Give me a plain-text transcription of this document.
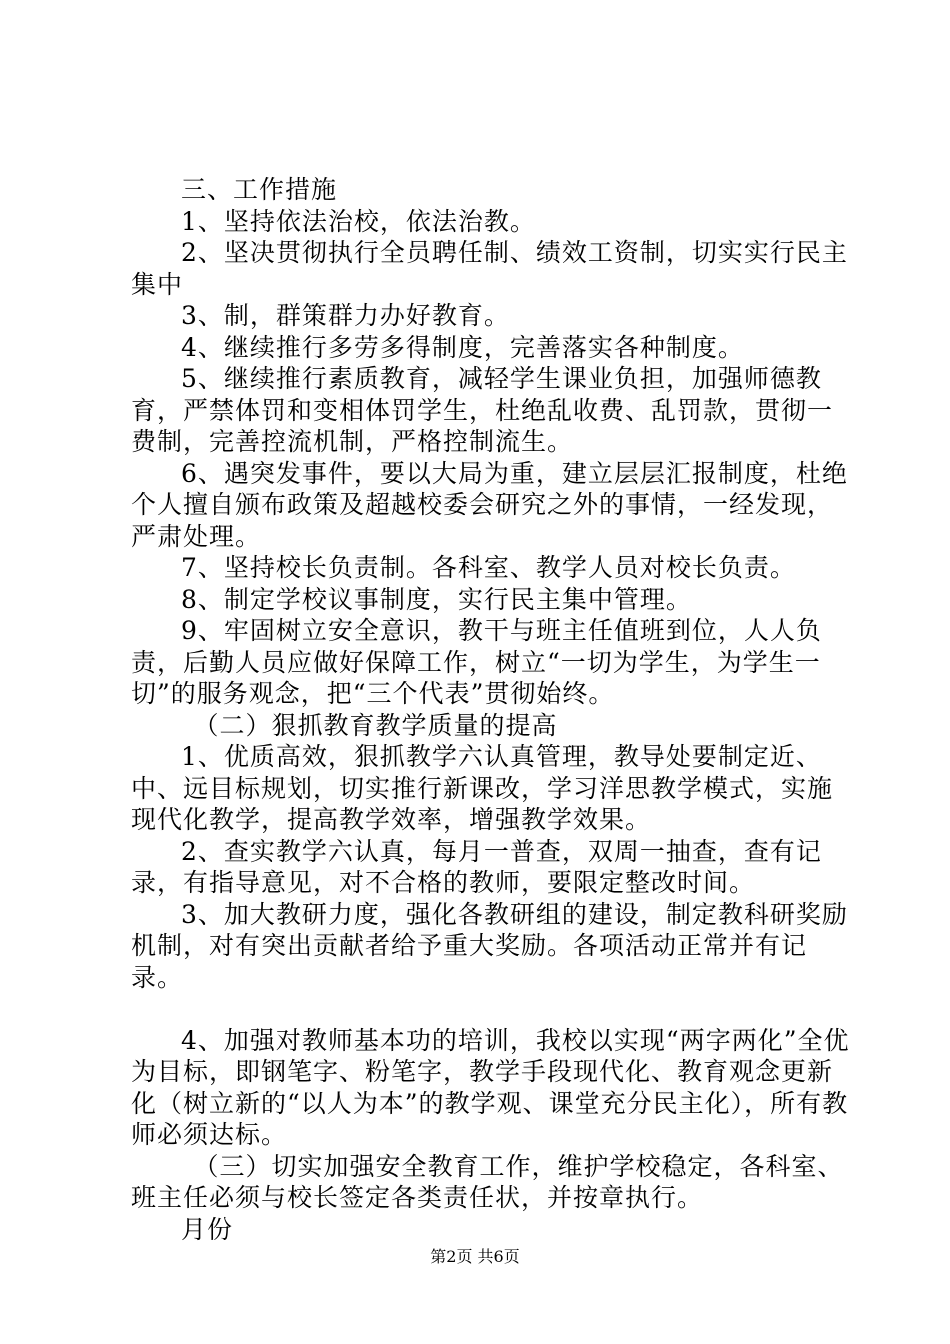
三、工作措施

1、坚持依法治校，依法治教。

2、坚决贯彻执行全员聘任制、绩效工资制，切实实行民主集中

3、制，群策群力办好教育。

4、继续推行多劳多得制度，完善落实各种制度。

5、继续推行素质教育，减轻学生课业负担，加强师德教育，严禁体罚和变相体罚学生，杜绝乱收费、乱罚款，贯彻一费制，完善控流机制，严格控制流生。

6、遇突发事件，要以大局为重，建立层层汇报制度，杜绝个人擅自颁布政策及超越校委会研究之外的事情，一经发现，严肃处理。

7、坚持校长负责制。各科室、教学人员对校长负责。

8、制定学校议事制度，实行民主集中管理。

9、牢固树立安全意识，教干与班主任值班到位，人人负责，后勤人员应做好保障工作，树立“一切为学生，为学生一切”的服务观念，把“三个代表”贯彻始终。

（二）狠抓教育教学质量的提高

1、优质高效，狠抓教学六认真管理，教导处要制定近、中、远目标规划，切实推行新课改，学习洋思教学模式，实施现代化教学，提高教学效率，增强教学效果。

2、查实教学六认真，每月一普查，双周一抽查，查有记录，有指导意见，对不合格的教师，要限定整改时间。

3、加大教研力度，强化各教研组的建设，制定教科研奖励机制，对有突出贡献者给予重大奖励。各项活动正常并有记录。

4、加强对教师基本功的培训，我校以实现“两字两化”全优为目标，即钢笔字、粉笔字，教学手段现代化、教育观念更新化（树立新的“以人为本”的教学观、课堂充分民主化），所有教师必须达标。

（三）切实加强安全教育工作，维护学校稳定，各科室、班主任必须与校长签定各类责任状，并按章执行。

月份

第2页 共6页
